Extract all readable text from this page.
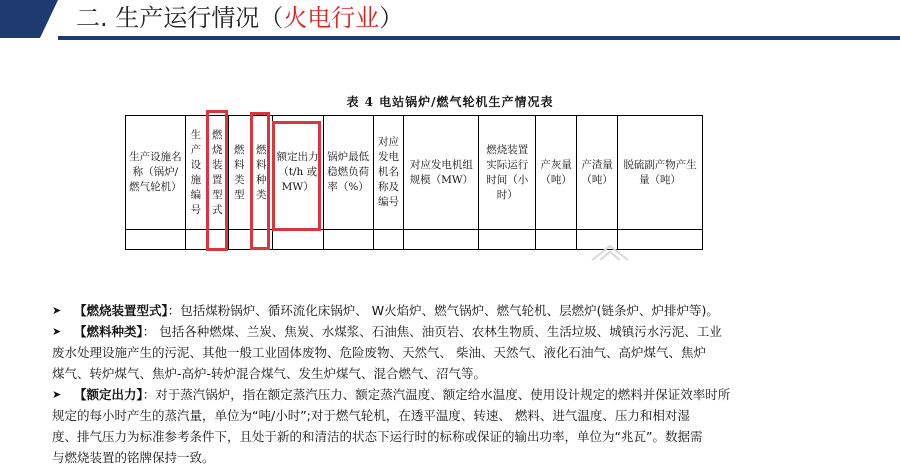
二. 生产运行情况（火电行业）
表 4 电站锅炉/燃气轮机生产情况表
生产设施名称（锅炉/燃气轮机）	生产设施编号	燃烧装置型式	燃料类型	燃料种类	额定出力（t/h 或 MW）	锅炉最低稳燃负荷率（%）	对应发电机名称及编号	对应发电机组规模（MW）	燃烧装置实际运行时间（小时）	产灰量（吨）	产渣量（吨）	脱硫副产物产生量（吨）

➤ 【燃烧装置型式】：包括煤粉锅炉、循环流化床锅炉、 W火焰炉、燃气锅炉、燃气轮机、层燃炉(链条炉、炉排炉等)。
➤ 【燃料种类】： 包括各种燃煤、兰炭、焦炭、水煤浆、石油焦、油页岩、农林生物质、生活垃圾、城镇污水污泥、工业
废水处理设施产生的污泥、其他一般工业固体废物、危险废物、天然气、 柴油、天然气、液化石油气、高炉煤气、焦炉
煤气、转炉煤气、焦炉-高炉-转炉混合煤气、发生炉煤气、混合燃气、沼气等。
➤ 【额定出力】：对于蒸汽锅炉，指在额定蒸汽压力、额定蒸汽温度、额定给水温度、使用设计规定的燃料并保证效率时所
规定的每小时产生的蒸汽量，单位为“吨/小时”;对于燃气轮机，在透平温度、转速、 燃料、进气温度、压力和相对湿
度、排气压力为标准参考条件下，且处于新的和清洁的状态下运行时的标称或保证的输出功率，单位为“兆瓦”。数据需
与燃烧装置的铭牌保持一致。
